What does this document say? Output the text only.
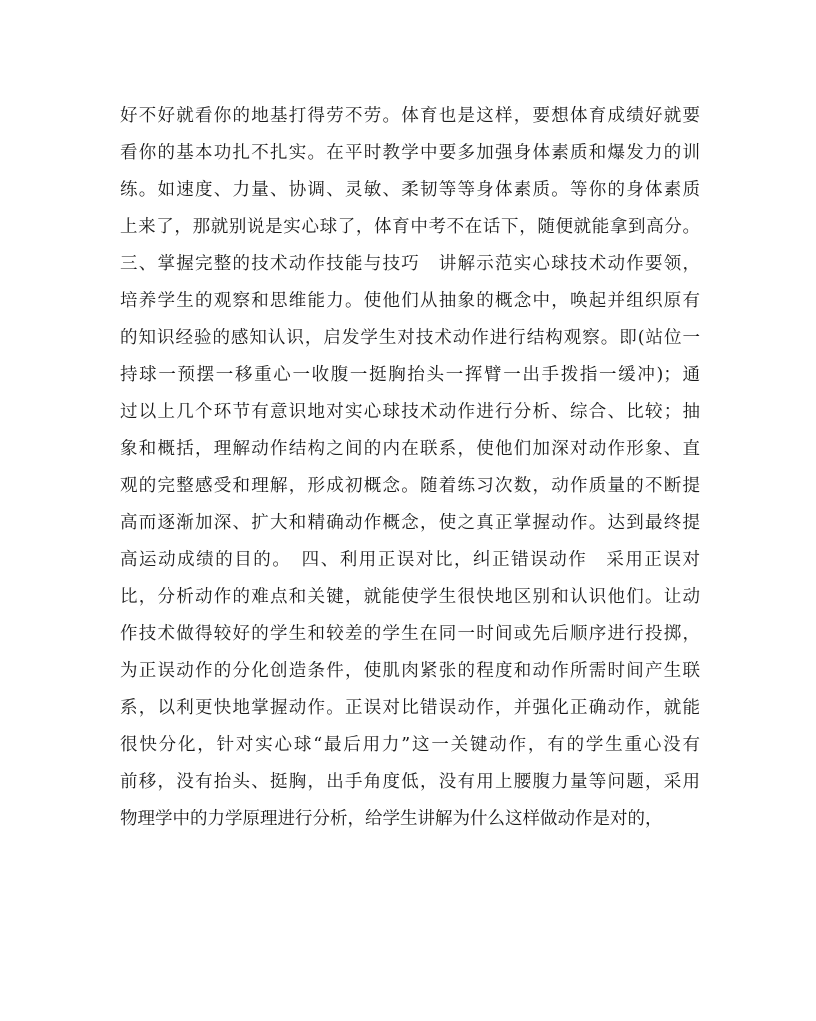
好不好就看你的地基打得劳不劳。体育也是这样，要想体育成绩好就要
看你的基本功扎不扎实。在平时教学中要多加强身体素质和爆发力的训
练。如速度、力量、协调、灵敏、柔韧等等身体素质。等你的身体素质
上来了，那就别说是实心球了，体育中考不在话下，随便就能拿到高分。
三、掌握完整的技术动作技能与技巧　讲解示范实心球技术动作要领，
培养学生的观察和思维能力。使他们从抽象的概念中，唤起并组织原有
的知识经验的感知认识，启发学生对技术动作进行结构观察。即(站位一
持球一预摆一移重心一收腹一挺胸抬头一挥臂一出手拨指一缓冲)；通
过以上几个环节有意识地对实心球技术动作进行分析、综合、比较；抽
象和概括，理解动作结构之间的内在联系，使他们加深对动作形象、直
观的完整感受和理解，形成初概念。随着练习次数，动作质量的不断提
高而逐渐加深、扩大和精确动作概念，使之真正掌握动作。达到最终提
高运动成绩的目的。　四、利用正误对比，纠正错误动作　采用正误对
比，分析动作的难点和关键，就能使学生很快地区别和认识他们。让动
作技术做得较好的学生和较差的学生在同一时间或先后顺序进行投掷，
为正误动作的分化创造条件，使肌肉紧张的程度和动作所需时间产生联
系，以利更快地掌握动作。正误对比错误动作，并强化正确动作，就能
很快分化，针对实心球“最后用力”这一关键动作，有的学生重心没有
前移，没有抬头、挺胸，出手角度低，没有用上腰腹力量等问题，采用
物理学中的力学原理进行分析，给学生讲解为什么这样做动作是对的，
